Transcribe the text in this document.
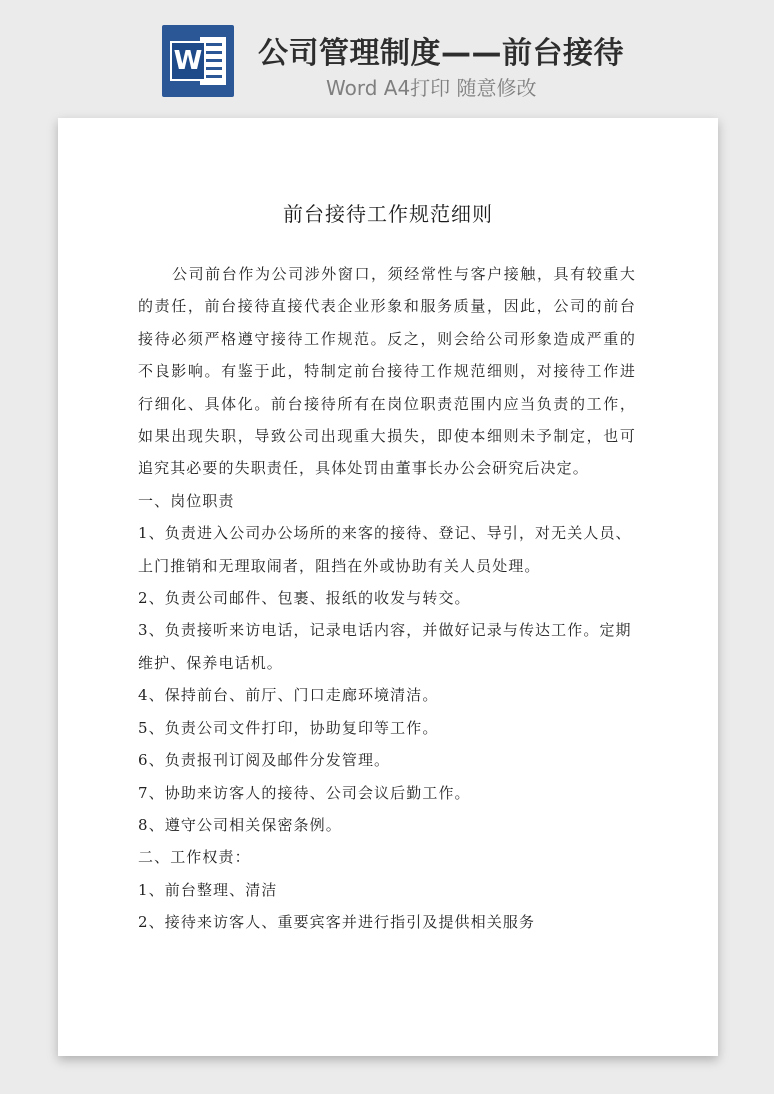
W 公司管理制度——前台接待
Word A4打印 随意修改
前台接待工作规范细则

公司前台作为公司涉外窗口，须经常性与客户接触，具有较重大的责任，前台接待直接代表企业形象和服务质量，因此，公司的前台接待必须严格遵守接待工作规范。反之，则会给公司形象造成严重的不良影响。有鉴于此，特制定前台接待工作规范细则，对接待工作进行细化、具体化。前台接待所有在岗位职责范围内应当负责的工作，如果出现失职，导致公司出现重大损失，即使本细则未予制定，也可追究其必要的失职责任，具体处罚由董事长办公会研究后决定。

一、岗位职责

1、负责进入公司办公场所的来客的接待、登记、导引，对无关人员、上门推销和无理取闹者，阻挡在外或协助有关人员处理。

2、负责公司邮件、包裹、报纸的收发与转交。

3、负责接听来访电话，记录电话内容，并做好记录与传达工作。定期维护、保养电话机。

4、保持前台、前厅、门口走廊环境清洁。

5、负责公司文件打印，协助复印等工作。

6、负责报刊订阅及邮件分发管理。

7、协助来访客人的接待、公司会议后勤工作。

8、遵守公司相关保密条例。

二、工作权责：

1、前台整理、清洁

2、接待来访客人、重要宾客并进行指引及提供相关服务
